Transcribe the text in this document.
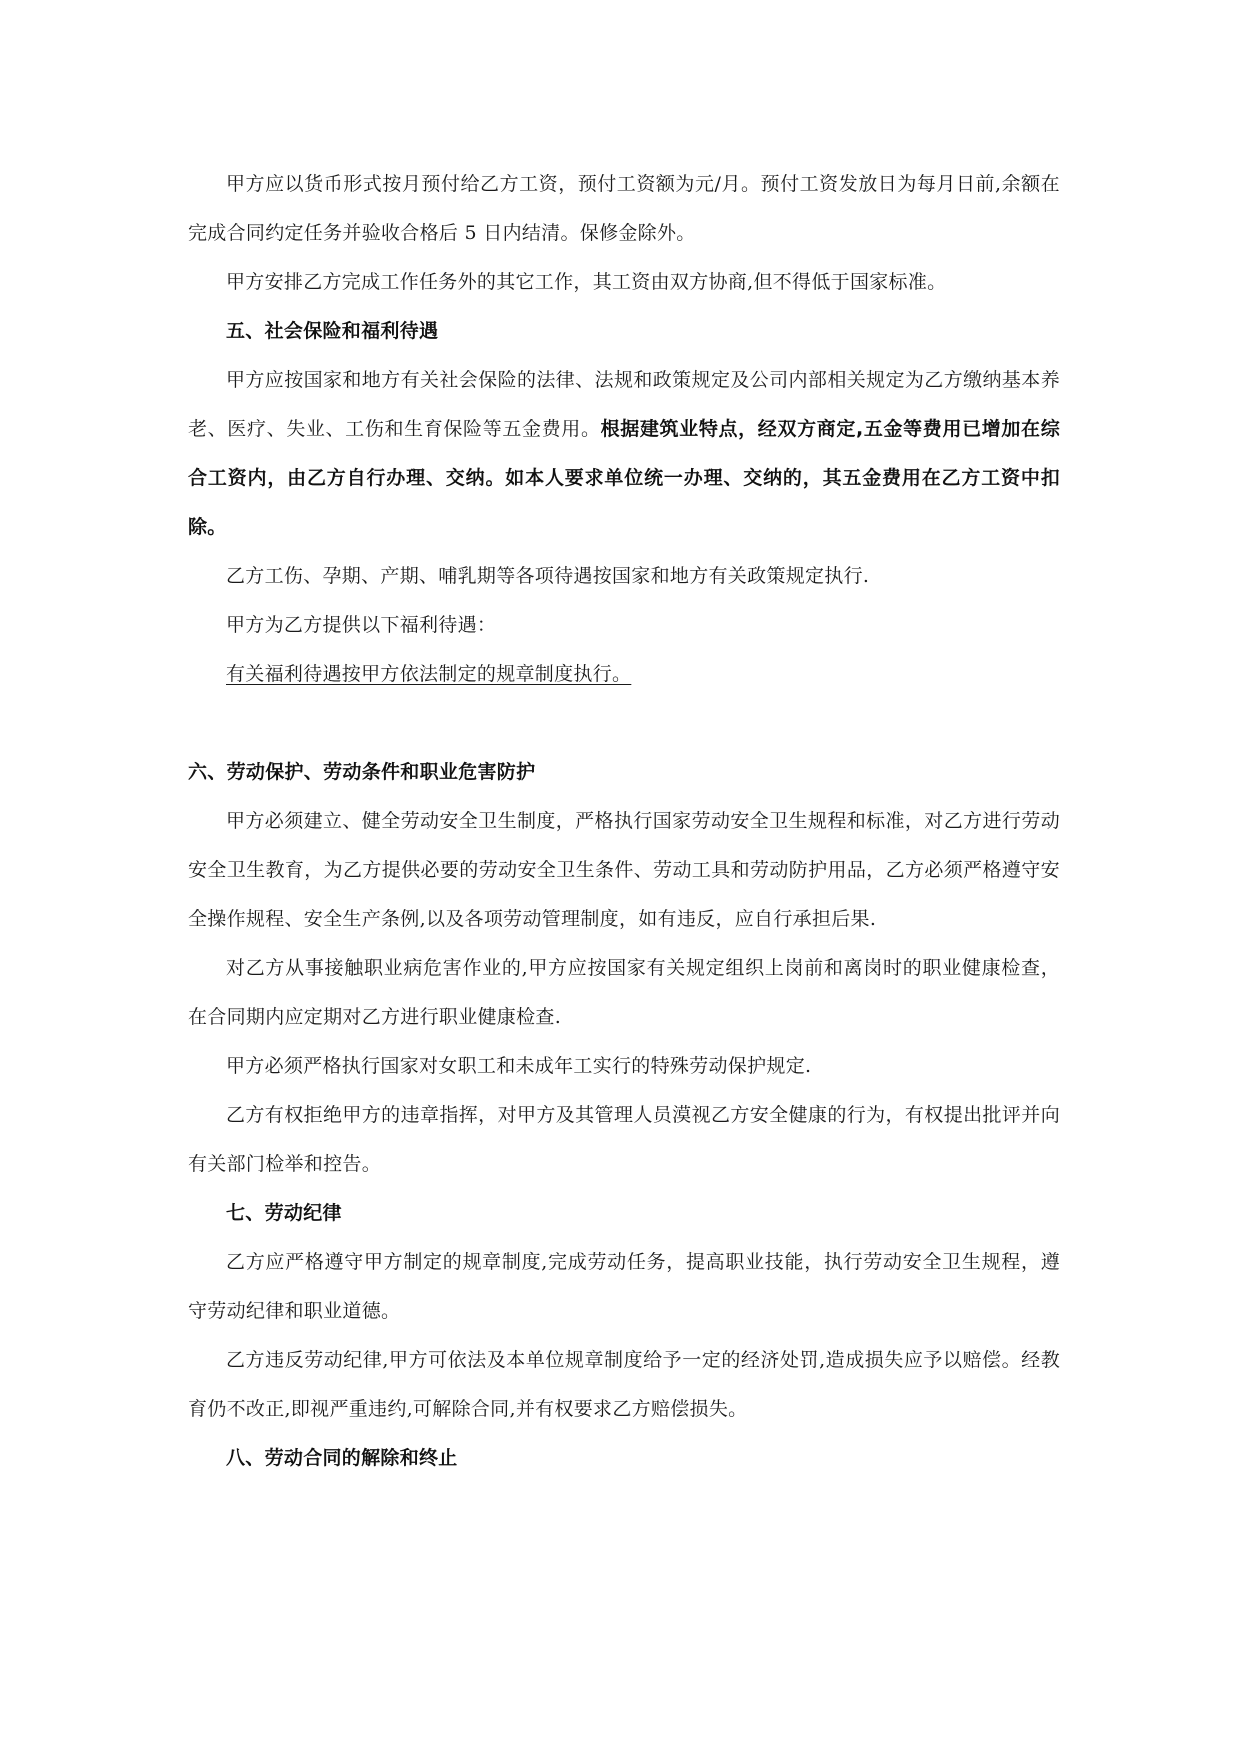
甲方应以货币形式按月预付给乙方工资，预付工资额为元/月。预付工资发放日为每月日前,余额在完成合同约定任务并验收合格后 5 日内结清。保修金除外。

甲方安排乙方完成工作任务外的其它工作，其工资由双方协商,但不得低于国家标准。

五、社会保险和福利待遇

甲方应按国家和地方有关社会保险的法律、法规和政策规定及公司内部相关规定为乙方缴纳基本养老、医疗、失业、工伤和生育保险等五金费用。根据建筑业特点，经双方商定,五金等费用已增加在综合工资内，由乙方自行办理、交纳。如本人要求单位统一办理、交纳的，其五金费用在乙方工资中扣除。

乙方工伤、孕期、产期、哺乳期等各项待遇按国家和地方有关政策规定执行.

甲方为乙方提供以下福利待遇：

有关福利待遇按甲方依法制定的规章制度执行。

六、劳动保护、劳动条件和职业危害防护

甲方必须建立、健全劳动安全卫生制度，严格执行国家劳动安全卫生规程和标准，对乙方进行劳动安全卫生教育，为乙方提供必要的劳动安全卫生条件、劳动工具和劳动防护用品，乙方必须严格遵守安全操作规程、安全生产条例,以及各项劳动管理制度，如有违反，应自行承担后果.

对乙方从事接触职业病危害作业的,甲方应按国家有关规定组织上岗前和离岗时的职业健康检查，在合同期内应定期对乙方进行职业健康检查.

甲方必须严格执行国家对女职工和未成年工实行的特殊劳动保护规定.

乙方有权拒绝甲方的违章指挥，对甲方及其管理人员漠视乙方安全健康的行为，有权提出批评并向有关部门检举和控告。

七、劳动纪律

乙方应严格遵守甲方制定的规章制度,完成劳动任务，提高职业技能，执行劳动安全卫生规程，遵守劳动纪律和职业道德。

乙方违反劳动纪律,甲方可依法及本单位规章制度给予一定的经济处罚,造成损失应予以赔偿。经教育仍不改正,即视严重违约,可解除合同,并有权要求乙方赔偿损失。

八、劳动合同的解除和终止
